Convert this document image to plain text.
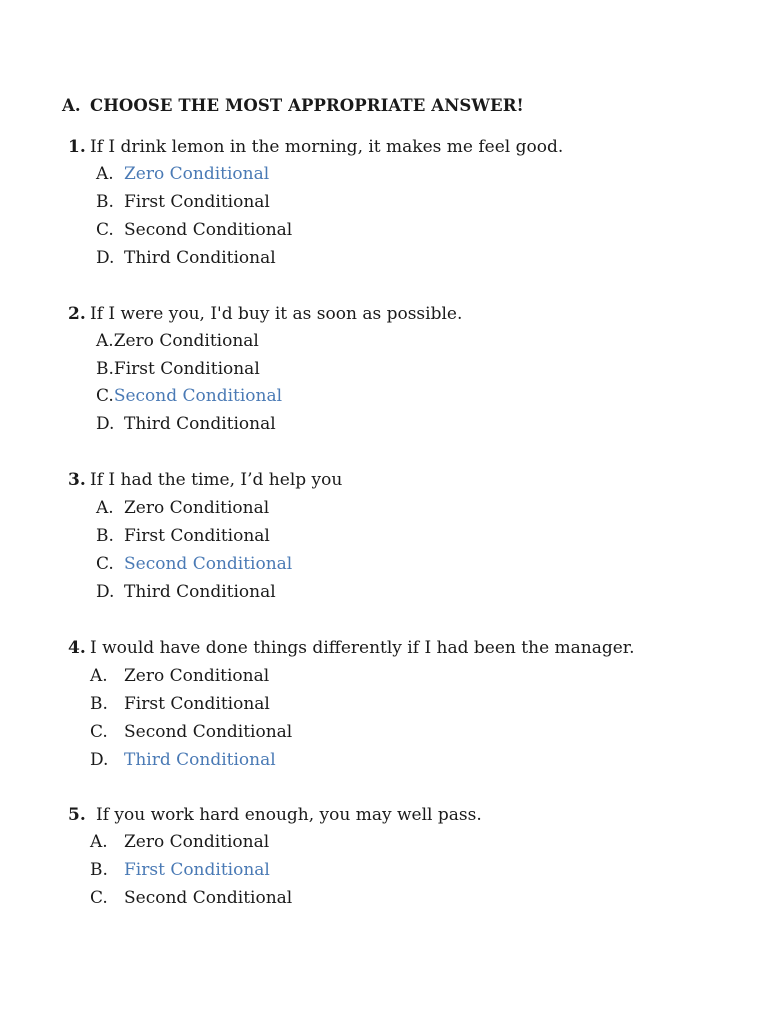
A. CHOOSE THE MOST APPROPRIATE ANSWER!
1. If I drink lemon in the morning, it makes me feel good.
A. Zero Conditional
B. First Conditional
C. Second Conditional
D. Third Conditional
2. If I were you, I'd buy it as soon as possible.
A.Zero Conditional
B.First Conditional
C.Second Conditional
D. Third Conditional
3. If I had the time, I’d help you
A. Zero Conditional
B. First Conditional
C. Second Conditional
D. Third Conditional
4. I would have done things differently if I had been the manager.
A. Zero Conditional
B. First Conditional
C. Second Conditional
D. Third Conditional
5. If you work hard enough, you may well pass.
A. Zero Conditional
B. First Conditional
C. Second Conditional
